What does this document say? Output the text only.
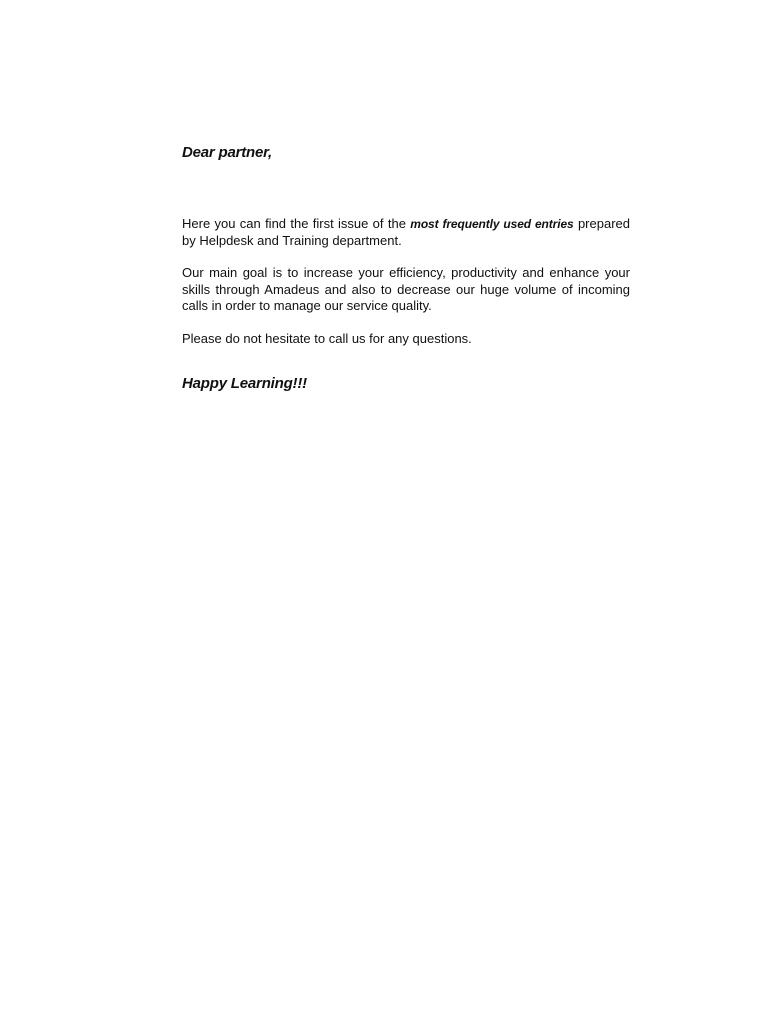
Dear partner,

Here you can find the first issue of the most frequently used entries prepared by Helpdesk and Training department.

Our main goal is to increase your efficiency, productivity and enhance your skills through Amadeus and also to decrease our huge volume of incoming calls in order to manage our service quality.

Please do not hesitate to call us for any questions.

Happy Learning!!!
